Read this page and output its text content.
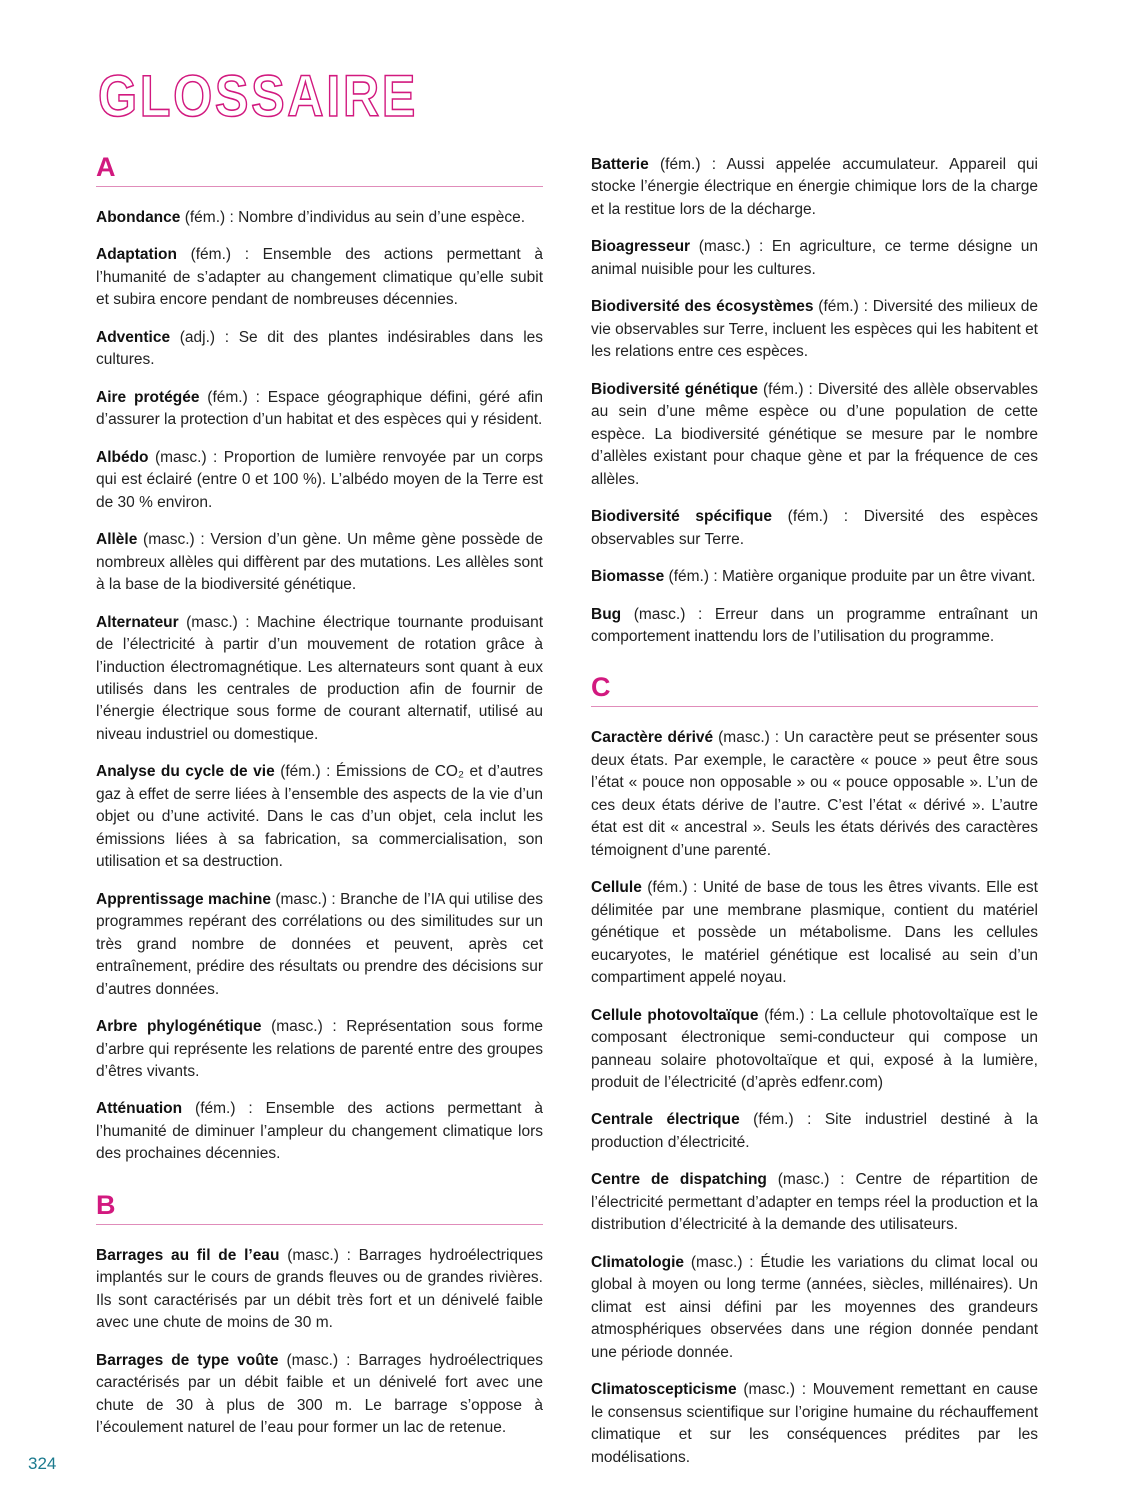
GLOSSAIRE
A

Abondance (fém.) : Nombre d’individus au sein d’une espèce.

Adaptation (fém.) : Ensemble des actions permettant à l’humanité de s’adapter au changement climatique qu’elle subit et subira encore pendant de nombreuses décennies.

Adventice (adj.) : Se dit des plantes indésirables dans les cultures.

Aire protégée (fém.) : Espace géographique défini, géré afin d’assurer la protection d’un habitat et des espèces qui y résident.

Albédo (masc.) : Proportion de lumière renvoyée par un corps qui est éclairé (entre 0 et 100 %). L’albédo moyen de la Terre est de 30 % environ.

Allèle (masc.) : Version d’un gène. Un même gène possède de nombreux allèles qui diffèrent par des mutations. Les allèles sont à la base de la biodiversité génétique.

Alternateur (masc.) : Machine électrique tournante produisant de l’électricité à partir d’un mouvement de rotation grâce à l’induction électromagnétique. Les alternateurs sont quant à eux utilisés dans les centrales de production afin de fournir de l’énergie électrique sous forme de courant alternatif, utilisé au niveau industriel ou domestique.

Analyse du cycle de vie (fém.) : Émissions de CO₂ et d’autres gaz à effet de serre liées à l’ensemble des aspects de la vie d’un objet ou d’une activité. Dans le cas d’un objet, cela inclut les émissions liées à sa fabrication, sa commercialisation, son utilisation et sa destruction.

Apprentissage machine (masc.) : Branche de l’IA qui utilise des programmes repérant des corrélations ou des similitudes sur un très grand nombre de données et peuvent, après cet entraînement, prédire des résultats ou prendre des décisions sur d’autres données.

Arbre phylogénétique (masc.) : Représentation sous forme d’arbre qui représente les relations de parenté entre des groupes d’êtres vivants.

Atténuation (fém.) : Ensemble des actions permettant à l’humanité de diminuer l’ampleur du changement climatique lors des prochaines décennies.

B

Barrages au fil de l’eau (masc.) : Barrages hydroélectriques implantés sur le cours de grands fleuves ou de grandes rivières. Ils sont caractérisés par un débit très fort et un dénivelé faible avec une chute de moins de 30 m.

Barrages de type voûte (masc.) : Barrages hydroélectriques caractérisés par un débit faible et un dénivelé fort avec une chute de 30 à plus de 300 m. Le barrage s’oppose à l’écoulement naturel de l’eau pour former un lac de retenue.

Batterie (fém.) : Aussi appelée accumulateur. Appareil qui stocke l’énergie électrique en énergie chimique lors de la charge et la restitue lors de la décharge.

Bioagresseur (masc.) : En agriculture, ce terme désigne un animal nuisible pour les cultures.

Biodiversité des écosystèmes (fém.) : Diversité des milieux de vie observables sur Terre, incluent les espèces qui les habitent et les relations entre ces espèces.

Biodiversité génétique (fém.) : Diversité des allèle observables au sein d’une même espèce ou d’une population de cette espèce. La biodiversité génétique se mesure par le nombre d’allèles existant pour chaque gène et par la fréquence de ces allèles.

Biodiversité spécifique (fém.) : Diversité des espèces observables sur Terre.

Biomasse (fém.) : Matière organique produite par un être vivant.

Bug (masc.) : Erreur dans un programme entraînant un comportement inattendu lors de l’utilisation du programme.

C

Caractère dérivé (masc.) : Un caractère peut se présenter sous deux états. Par exemple, le caractère « pouce » peut être sous l’état « pouce non opposable » ou « pouce opposable ». L’un de ces deux états dérive de l’autre. C’est l’état « dérivé ». L’autre état est dit « ancestral ». Seuls les états dérivés des caractères témoignent d’une parenté.

Cellule (fém.) : Unité de base de tous les êtres vivants. Elle est délimitée par une membrane plasmique, contient du matériel génétique et possède un métabolisme. Dans les cellules eucaryotes, le matériel génétique est localisé au sein d’un compartiment appelé noyau.

Cellule photovoltaïque (fém.) : La cellule photovoltaïque est le composant électronique semi-conducteur qui compose un panneau solaire photovoltaïque et qui, exposé à la lumière, produit de l’électricité (d’après edfenr.com)

Centrale électrique (fém.) : Site industriel destiné à la production d’électricité.

Centre de dispatching (masc.) : Centre de répartition de l’électricité permettant d’adapter en temps réel la production et la distribution d’électricité à la demande des utilisateurs.

Climatologie (masc.) : Étudie les variations du climat local ou global à moyen ou long terme (années, siècles, millénaires). Un climat est ainsi défini par les moyennes des grandeurs atmosphériques observées dans une région donnée pendant une période donnée.

Climatoscepticisme (masc.) : Mouvement remettant en cause le consensus scientifique sur l’origine humaine du réchauffement climatique et sur les conséquences prédites par les modélisations.

324
